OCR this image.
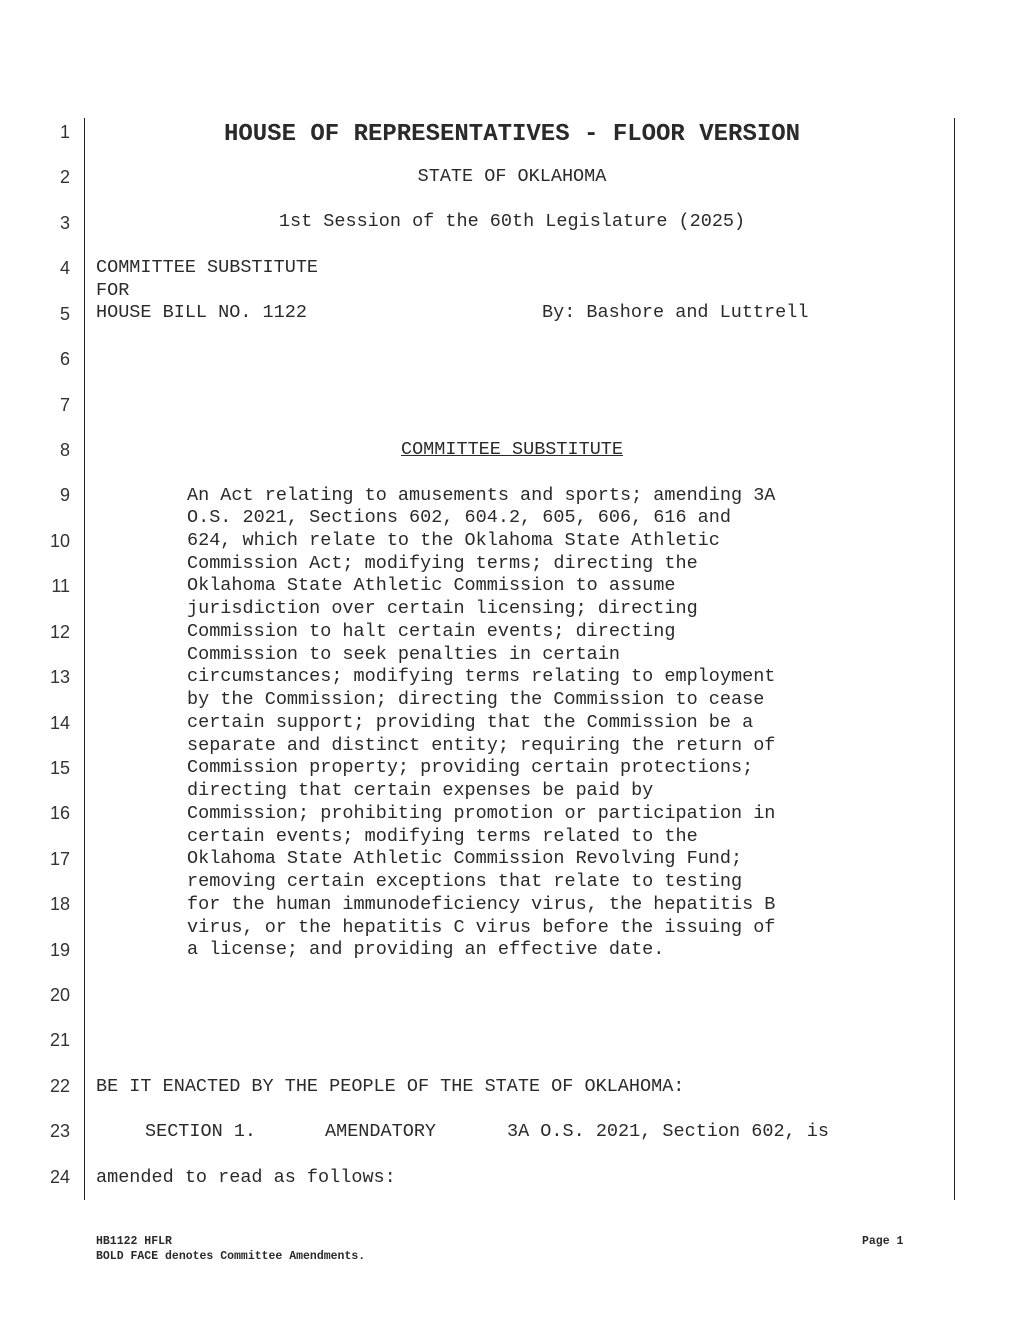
1
2
3
4
5
6
7
8
9
10
11
12
13
14
15
16
17
18
19
20
21
22
23
24
HOUSE OF REPRESENTATIVES - FLOOR VERSION
STATE OF OKLAHOMA
1st Session of the 60th Legislature (2025)
COMMITTEE SUBSTITUTE
FOR
HOUSE BILL NO. 1122	By: Bashore and Luttrell
COMMITTEE SUBSTITUTE
An Act relating to amusements and sports; amending 3A
O.S. 2021, Sections 602, 604.2, 605, 606, 616 and
624, which relate to the Oklahoma State Athletic
Commission Act; modifying terms; directing the
Oklahoma State Athletic Commission to assume
jurisdiction over certain licensing; directing
Commission to halt certain events; directing
Commission to seek penalties in certain
circumstances; modifying terms relating to employment
by the Commission; directing the Commission to cease
certain support; providing that the Commission be a
separate and distinct entity; requiring the return of
Commission property; providing certain protections;
directing that certain expenses be paid by
Commission; prohibiting promotion or participation in
certain events; modifying terms related to the
Oklahoma State Athletic Commission Revolving Fund;
removing certain exceptions that relate to testing
for the human immunodeficiency virus, the hepatitis B
virus, or the hepatitis C virus before the issuing of
a license; and providing an effective date.
BE IT ENACTED BY THE PEOPLE OF THE STATE OF OKLAHOMA:
SECTION 1.	AMENDATORY	3A O.S. 2021, Section 602, is
amended to read as follows:
HB1122 HFLR
BOLD FACE denotes Committee Amendments.
Page 1
